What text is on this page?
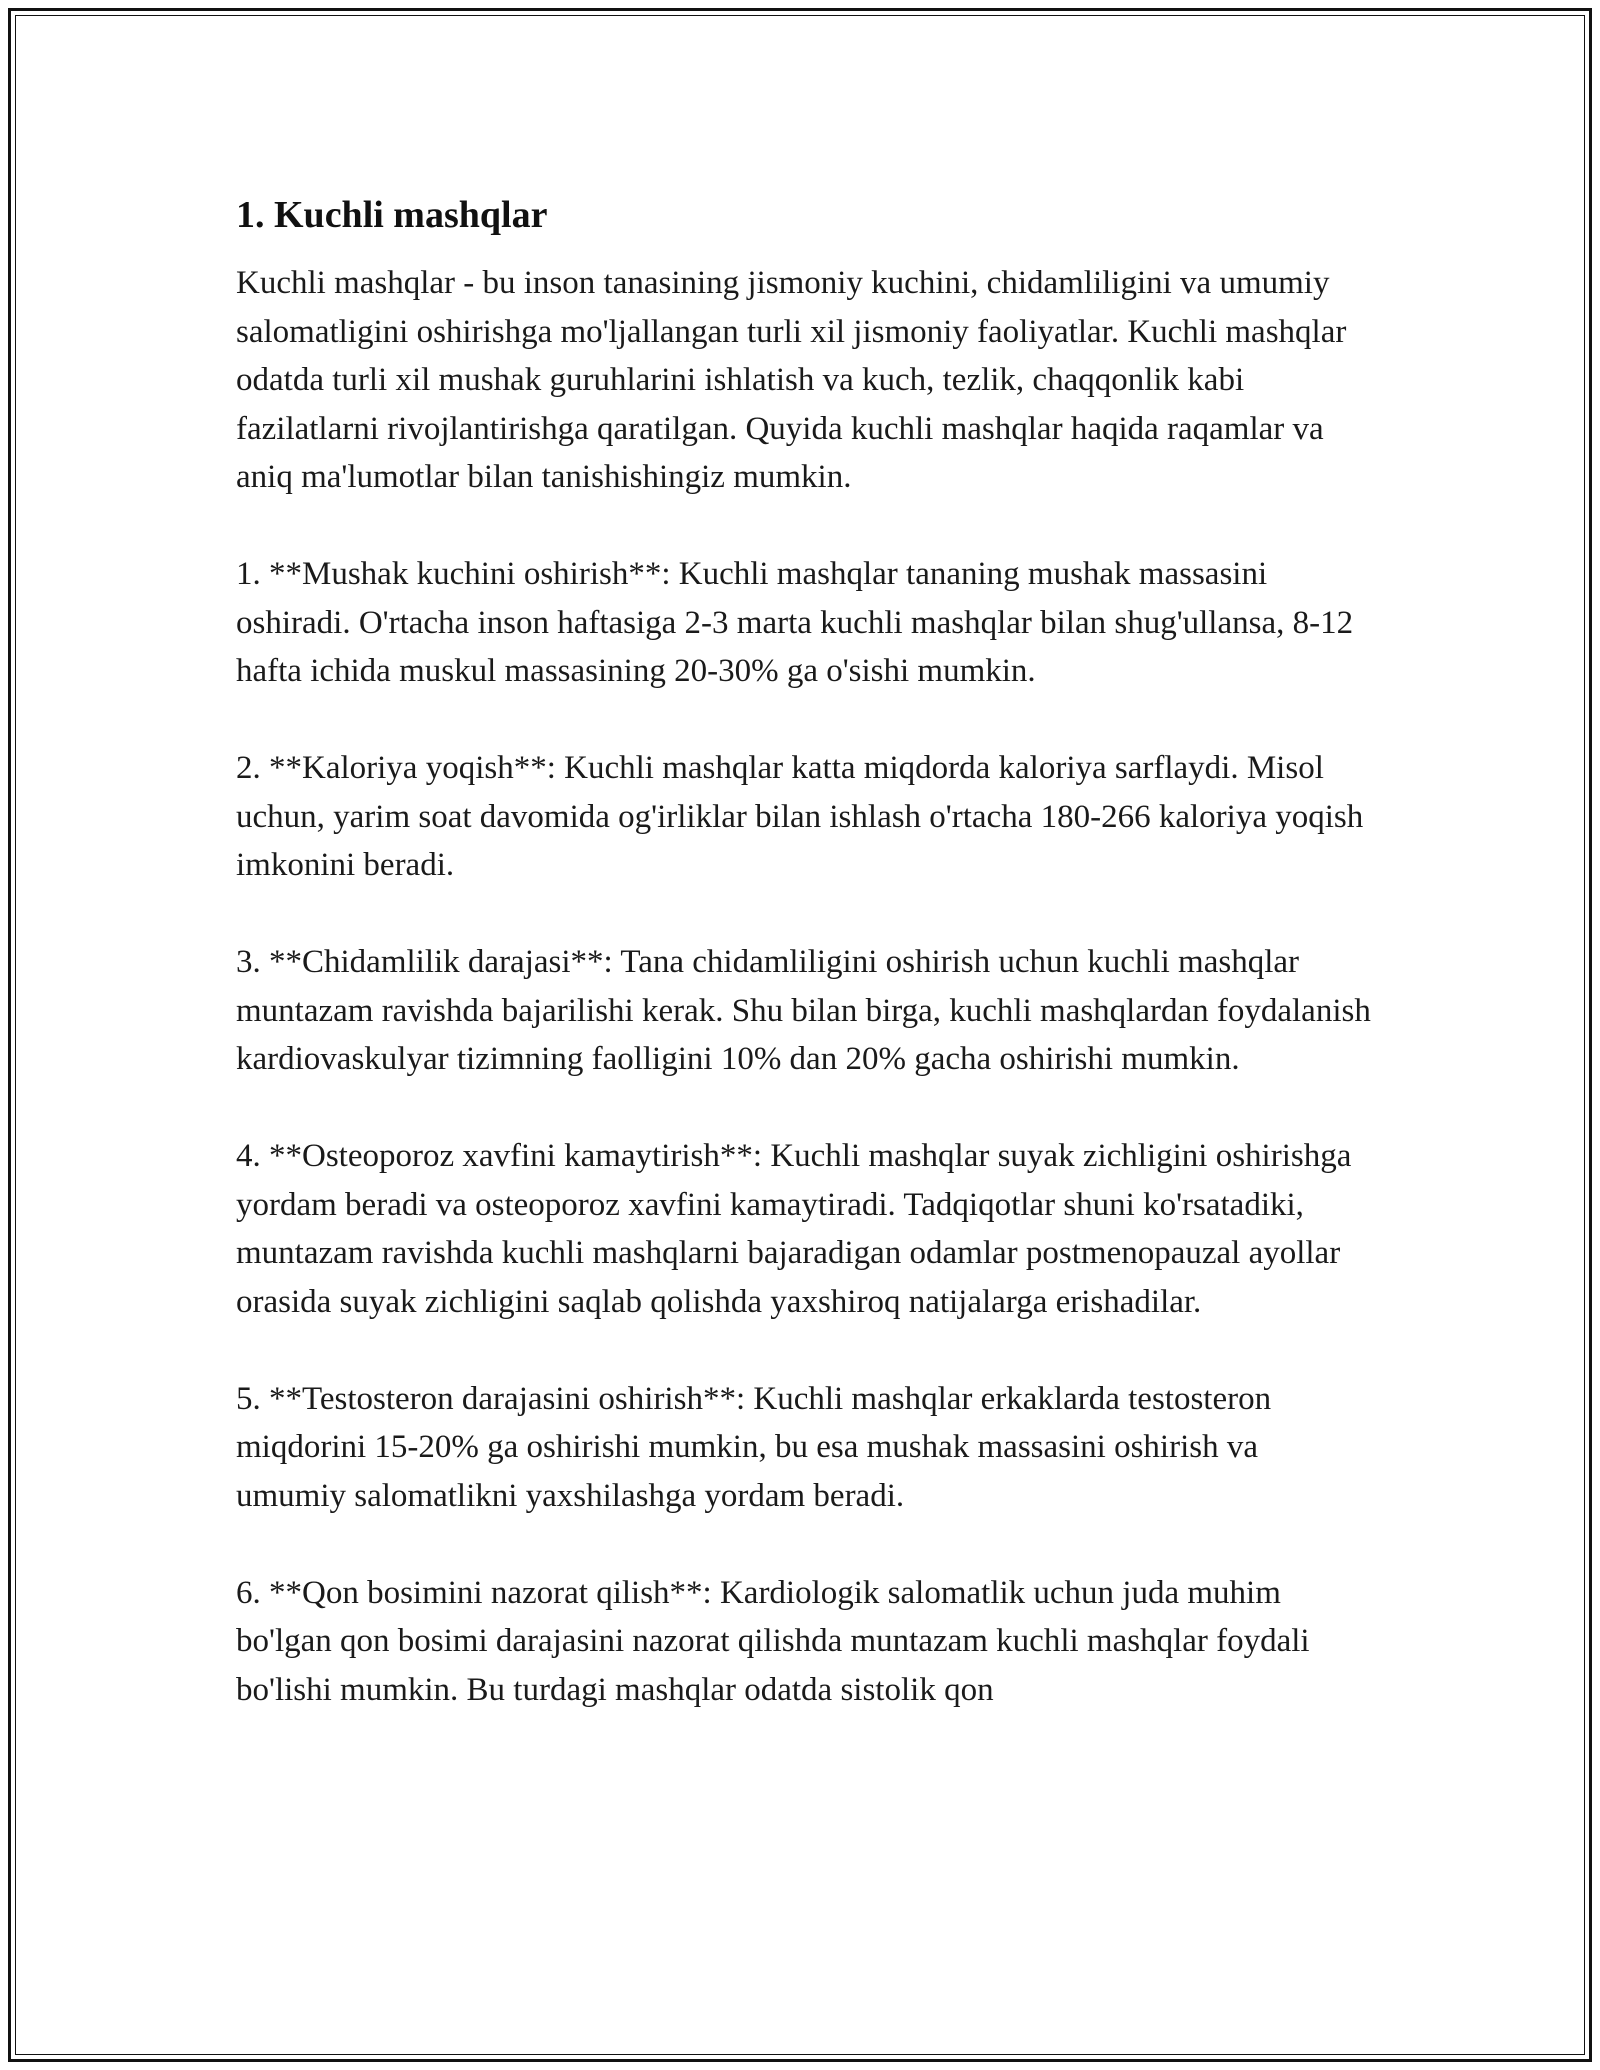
1. Kuchli mashqlar

Kuchli mashqlar - bu inson tanasining jismoniy kuchini, chidamliligini va umumiy salomatligini oshirishga mo'ljallangan turli xil jismoniy faoliyatlar. Kuchli mashqlar odatda turli xil mushak guruhlarini ishlatish va kuch, tezlik, chaqqonlik kabi fazilatlarni rivojlantirishga qaratilgan. Quyida kuchli mashqlar haqida raqamlar va aniq ma'lumotlar bilan tanishishingiz mumkin.

1. **Mushak kuchini oshirish**: Kuchli mashqlar tananing mushak massasini oshiradi. O'rtacha inson haftasiga 2-3 marta kuchli mashqlar bilan shug'ullansa, 8-12 hafta ichida muskul massasining 20-30% ga o'sishi mumkin.

2. **Kaloriya yoqish**: Kuchli mashqlar katta miqdorda kaloriya sarflaydi. Misol uchun, yarim soat davomida og'irliklar bilan ishlash o'rtacha 180-266 kaloriya yoqish imkonini beradi.

3. **Chidamlilik darajasi**: Tana chidamliligini oshirish uchun kuchli mashqlar muntazam ravishda bajarilishi kerak. Shu bilan birga, kuchli mashqlardan foydalanish kardiovaskulyar tizimning faolligini 10% dan 20% gacha oshirishi mumkin.

4. **Osteoporoz xavfini kamaytirish**: Kuchli mashqlar suyak zichligini oshirishga yordam beradi va osteoporoz xavfini kamaytiradi. Tadqiqotlar shuni ko'rsatadiki, muntazam ravishda kuchli mashqlarni bajaradigan odamlar postmenopauzal ayollar orasida suyak zichligini saqlab qolishda yaxshiroq natijalarga erishadilar.

5. **Testosteron darajasini oshirish**: Kuchli mashqlar erkaklarda testosteron miqdorini 15-20% ga oshirishi mumkin, bu esa mushak massasini oshirish va umumiy salomatlikni yaxshilashga yordam beradi.

6. **Qon bosimini nazorat qilish**: Kardiologik salomatlik uchun juda muhim bo'lgan qon bosimi darajasini nazorat qilishda muntazam kuchli mashqlar foydali bo'lishi mumkin. Bu turdagi mashqlar odatda sistolik qon
